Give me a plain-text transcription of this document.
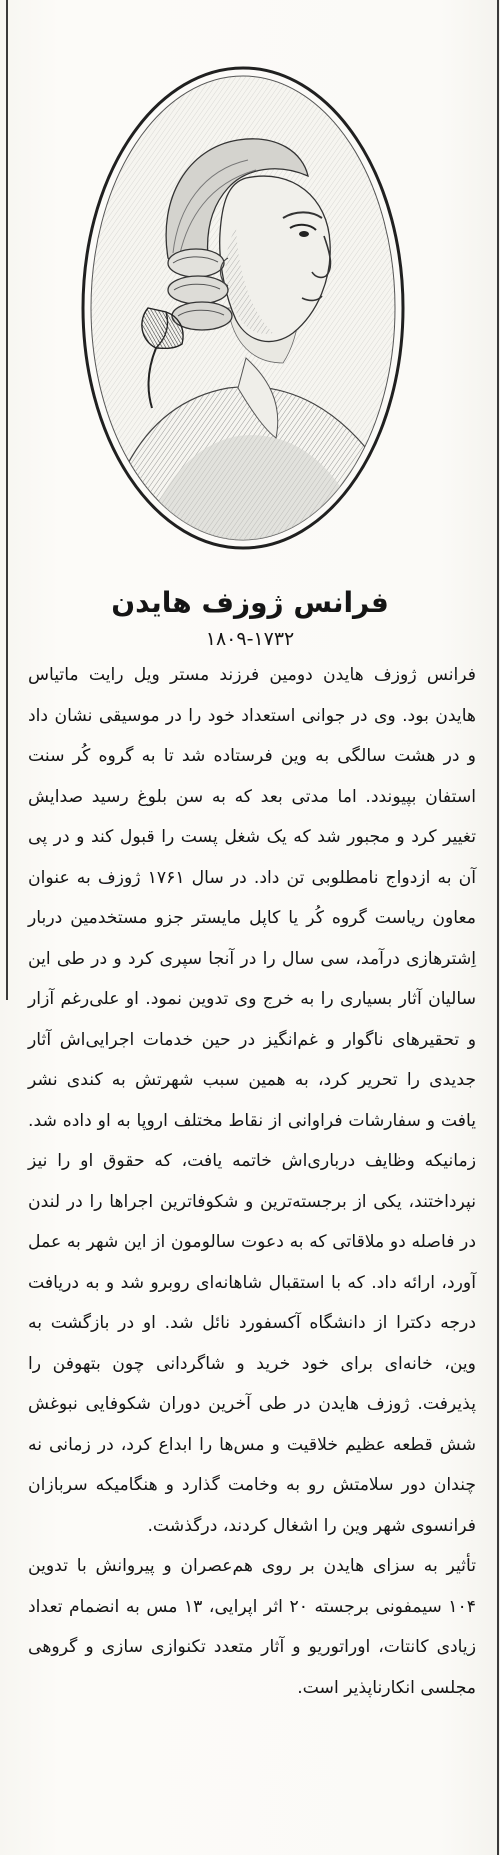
فرانس ژوزف هایدن
۱۸۰۹-۱۷۳۲

فرانس ژوزف هایدن دومین فرزند مستر ویل رایت ماتیاس هایدن بود. وی در جوانی استعداد خود را در موسیقی نشان داد و در هشت سالگی به وین فرستاده شد تا به گروه کُر سنت استفان بپیوندد. اما مدتی بعد که به سن بلوغ رسید صدایش تغییر کرد و مجبور شد که یک شغل پست را قبول کند و در پی آن به ازدواج نامطلوبی تن داد. در سال ۱۷۶۱ ژوزف به عنوان معاون ریاست گروه کُر یا کاپل مایستر جزو مستخدمین دربار اِشترهازی درآمد، سی سال را در آنجا سپری کرد و در طی این سالیان آثار بسیاری را به خرج وی تدوین نمود. او علی‌رغم آزار و تحقیرهای ناگوار و غم‌انگیز در حین خدمات اجرایی‌اش آثار جدیدی را تحریر کرد، به همین سبب شهرتش به کندی نشر یافت و سفارشات فراوانی از نقاط مختلف اروپا به او داده شد. زمانیکه وظایف درباری‌اش خاتمه یافت، که حقوق او را نیز نپرداختند، یکی از برجسته‌ترین و شکوفاترین اجراها را در لندن در فاصله دو ملاقاتی که به دعوت سالومون از این شهر به عمل آورد، ارائه داد. که با استقبال شاهانه‌ای روبرو شد و به دریافت درجه دکترا از دانشگاه آکسفورد نائل شد. او در بازگشت به وین، خانه‌ای برای خود خرید و شاگردانی چون بتهوفن را پذیرفت. ژوزف هایدن در طی آخرین دوران شکوفایی نبوغش شش قطعه عظیم خلاقیت و مس‌ها را ابداع کرد، در زمانی نه چندان دور سلامتش رو به وخامت گذارد و هنگامیکه سربازان فرانسوی شهر وین را اشغال کردند، درگذشت.

تأثیر به سزای هایدن بر روی هم‌عصران و پیروانش با تدوین ۱۰۴ سیمفونی برجسته ۲۰ اثر اپرایی، ۱۳ مس به انضمام تعداد زیادی کانتات، اوراتوریو و آثار متعدد تکنوازی سازی و گروهی مجلسی انکارناپذیر است.
